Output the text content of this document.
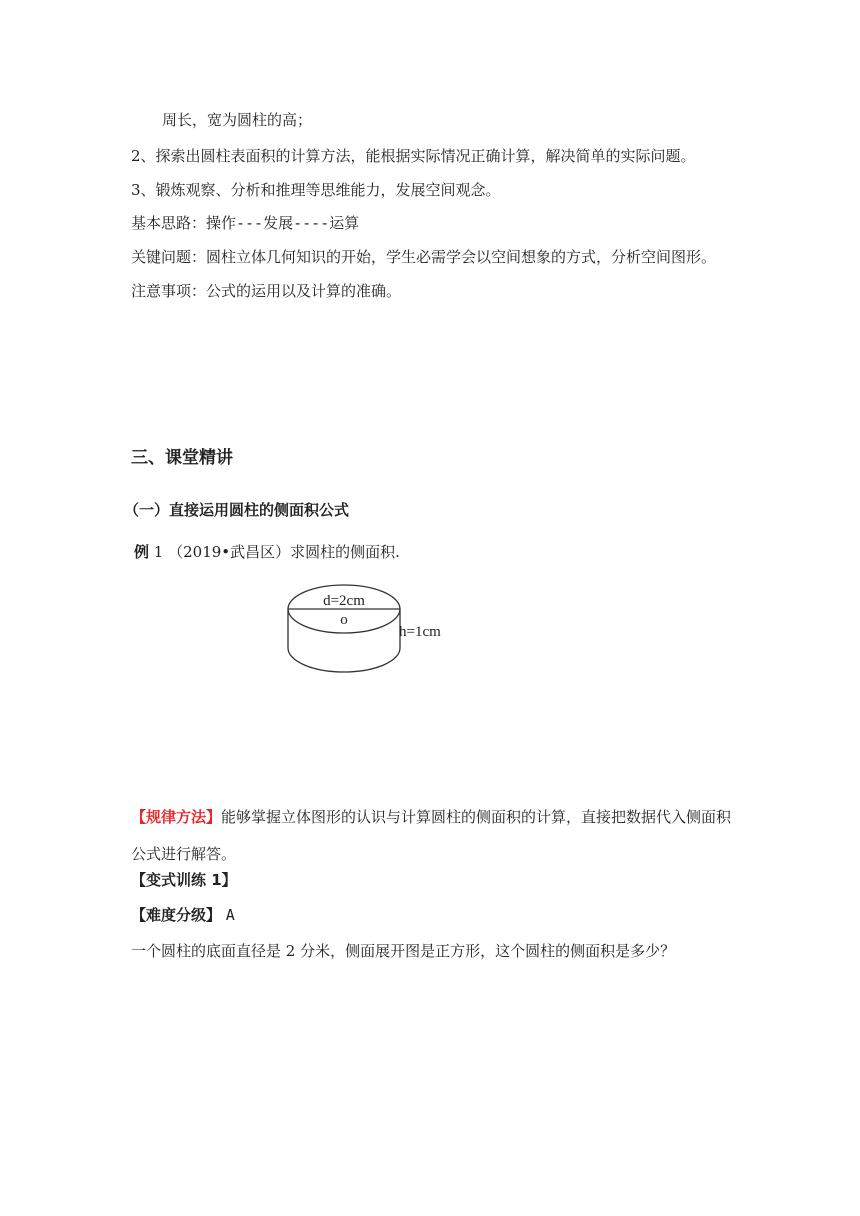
周长，宽为圆柱的高；
2、探索出圆柱表面积的计算方法，能根据实际情况正确计算，解决简单的实际问题。
3、锻炼观察、分析和推理等思维能力，发展空间观念。
基本思路：操作---发展----运算
关键问题：圆柱立体几何知识的开始，学生必需学会以空间想象的方式，分析空间图形。
注意事项：公式的运用以及计算的准确。
三、课堂精讲
（一）直接运用圆柱的侧面积公式
例 1 （2019•武昌区）求圆柱的侧面积.
d=2cm
o
h=1cm
【规律方法】能够掌握立体图形的认识与计算圆柱的侧面积的计算，直接把数据代入侧面积
公式进行解答。
【变式训练 1】
【难度分级】 A
一个圆柱的底面直径是 2 分米，侧面展开图是正方形，这个圆柱的侧面积是多少？
